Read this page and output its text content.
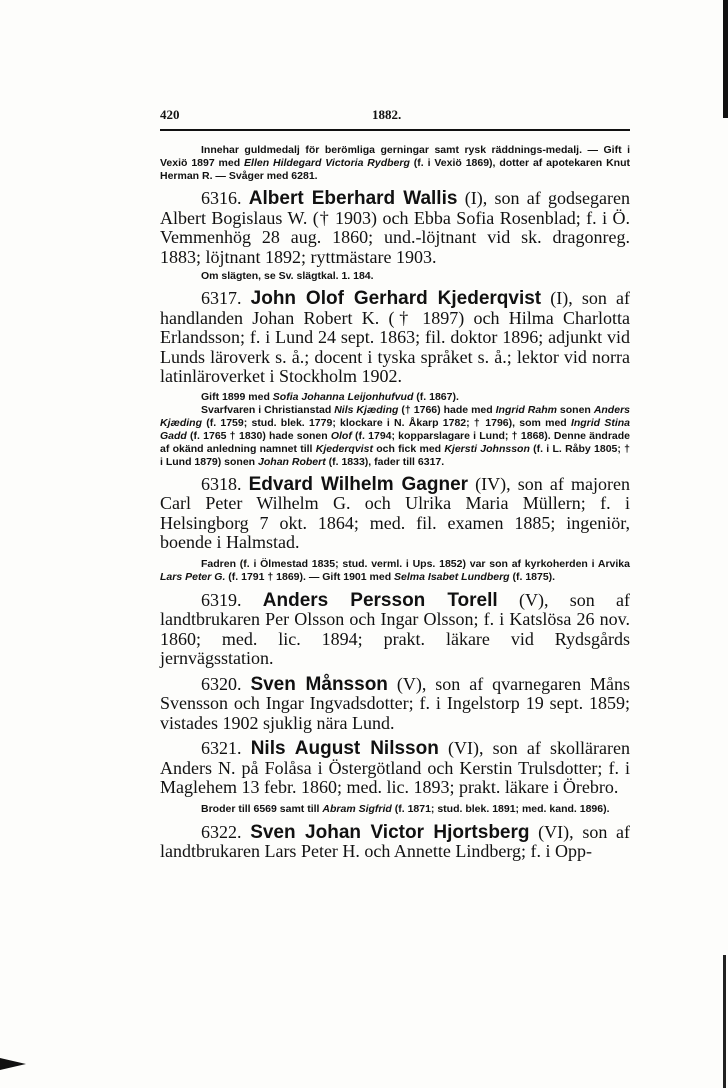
420	1882.

Innehar guldmedalj för berömliga gerningar samt rysk räddnings-medalj. — Gift i Vexiö 1897 med Ellen Hildegard Victoria Rydberg (f. i Vexiö 1869), dotter af apotekaren Knut Herman R. — Svåger med 6281.

6316. Albert Eberhard Wallis (I), son af godsegaren Albert Bogislaus W. († 1903) och Ebba Sofia Rosenblad; f. i Ö. Vemmenhög 28 aug. 1860; und.-löjtnant vid sk. dragonreg. 1883; löjtnant 1892; ryttmästare 1903.

Om slägten, se Sv. slägtkal. 1. 184.

6317. John Olof Gerhard Kjederqvist (I), son af handlanden Johan Robert K. († 1897) och Hilma Charlotta Erlandsson; f. i Lund 24 sept. 1863; fil. doktor 1896; adjunkt vid Lunds läroverk s. å.; docent i tyska språket s. å.; lektor vid norra latinläroverket i Stockholm 1902.

Gift 1899 med Sofia Johanna Leijonhufvud (f. 1867).

Svarfvaren i Christianstad Nils Kjæding († 1766) hade med Ingrid Rahm sonen Anders Kjæding (f. 1759; stud. blek. 1779; klockare i N. Åkarp 1782; † 1796), som med Ingrid Stina Gadd (f. 1765 † 1830) hade sonen Olof (f. 1794; kopparslagare i Lund; † 1868). Denne ändrade af okänd anledning namnet till Kjederqvist och fick med Kjersti Johnsson (f. i L. Råby 1805; † i Lund 1879) sonen Johan Robert (f. 1833), fader till 6317.

6318. Edvard Wilhelm Gagner (IV), son af majoren Carl Peter Wilhelm G. och Ulrika Maria Müllern; f. i Helsingborg 7 okt. 1864; med. fil. examen 1885; ingeniör, boende i Halmstad.

Fadren (f. i Ölmestad 1835; stud. verml. i Ups. 1852) var son af kyrkoherden i Arvika Lars Peter G. (f. 1791 † 1869). — Gift 1901 med Selma Isabet Lundberg (f. 1875).

6319. Anders Persson Torell (V), son af landtbrukaren Per Olsson och Ingar Olsson; f. i Katslösa 26 nov. 1860; med. lic. 1894; prakt. läkare vid Rydsgårds jernvägsstation.

6320. Sven Månsson (V), son af qvarnegaren Måns Svensson och Ingar Ingvadsdotter; f. i Ingelstorp 19 sept. 1859; vistades 1902 sjuklig nära Lund.

6321. Nils August Nilsson (VI), son af skolläraren Anders N. på Folåsa i Östergötland och Kerstin Trulsdotter; f. i Maglehem 13 febr. 1860; med. lic. 1893; prakt. läkare i Örebro.

Broder till 6569 samt till Abram Sigfrid (f. 1871; stud. blek. 1891; med. kand. 1896).

6322. Sven Johan Victor Hjortsberg (VI), son af landtbrukaren Lars Peter H. och Annette Lindberg; f. i Opp-
